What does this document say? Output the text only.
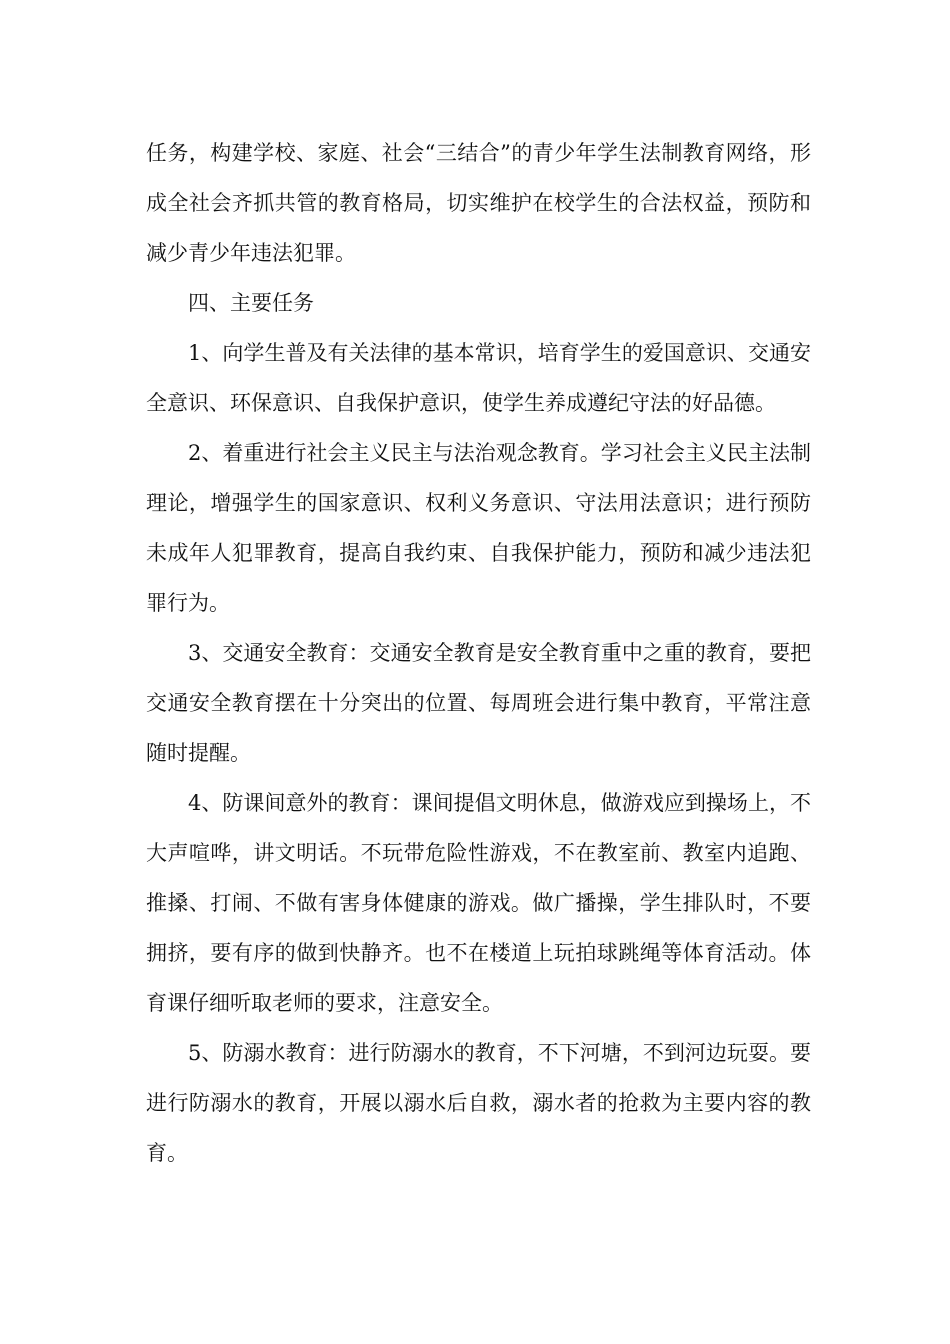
任务，构建学校、家庭、社会“三结合”的青少年学生法制教育网络，形成全社会齐抓共管的教育格局，切实维护在校学生的合法权益，预防和减少青少年违法犯罪。

四、主要任务

1、向学生普及有关法律的基本常识，培育学生的爱国意识、交通安全意识、环保意识、自我保护意识，使学生养成遵纪守法的好品德。

2、着重进行社会主义民主与法治观念教育。学习社会主义民主法制理论，增强学生的国家意识、权利义务意识、守法用法意识；进行预防未成年人犯罪教育，提高自我约束、自我保护能力，预防和减少违法犯罪行为。

3、交通安全教育：交通安全教育是安全教育重中之重的教育，要把交通安全教育摆在十分突出的位置、每周班会进行集中教育，平常注意随时提醒。

4、防课间意外的教育：课间提倡文明休息，做游戏应到操场上，不大声喧哗，讲文明话。不玩带危险性游戏，不在教室前、教室内追跑、推搡、打闹、不做有害身体健康的游戏。做广播操，学生排队时，不要拥挤，要有序的做到快静齐。也不在楼道上玩拍球跳绳等体育活动。体育课仔细听取老师的要求，注意安全。

5、防溺水教育：进行防溺水的教育，不下河塘，不到河边玩耍。要进行防溺水的教育，开展以溺水后自救，溺水者的抢救为主要内容的教育。
